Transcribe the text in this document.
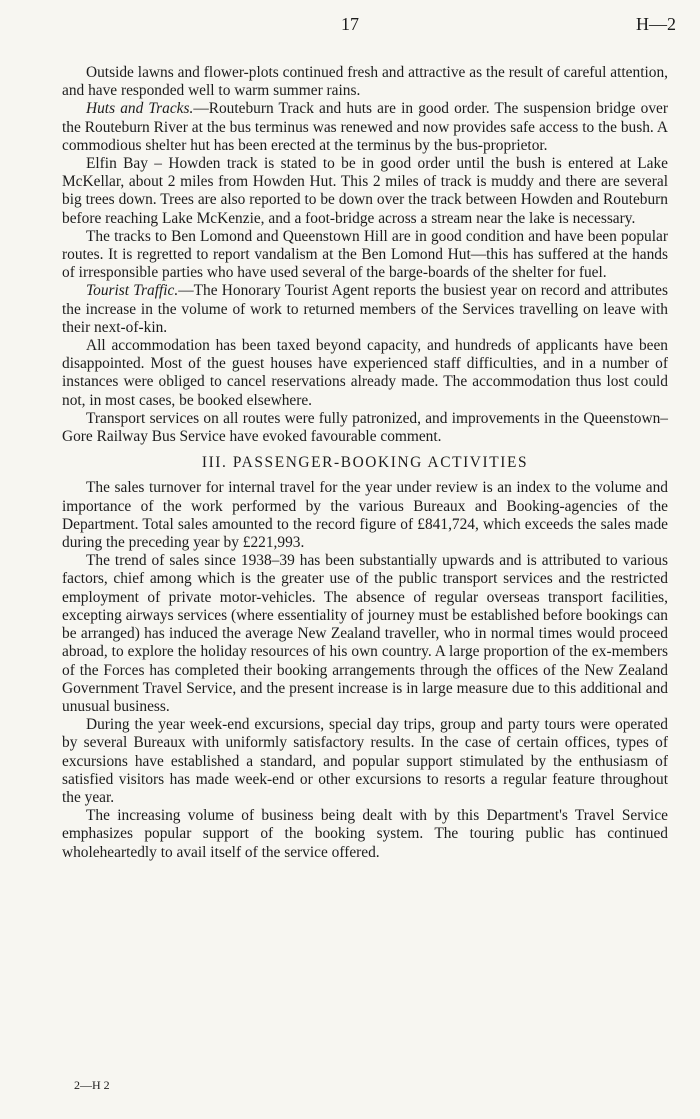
17	H—2

Outside lawns and flower-plots continued fresh and attractive as the result of careful attention, and have responded well to warm summer rains.

Huts and Tracks.—Routeburn Track and huts are in good order. The suspension bridge over the Routeburn River at the bus terminus was renewed and now provides safe access to the bush. A commodious shelter hut has been erected at the terminus by the bus-proprietor.

Elfin Bay – Howden track is stated to be in good order until the bush is entered at Lake McKellar, about 2 miles from Howden Hut. This 2 miles of track is muddy and there are several big trees down. Trees are also reported to be down over the track between Howden and Routeburn before reaching Lake McKenzie, and a foot-bridge across a stream near the lake is necessary.

The tracks to Ben Lomond and Queenstown Hill are in good condition and have been popular routes. It is regretted to report vandalism at the Ben Lomond Hut—this has suffered at the hands of irresponsible parties who have used several of the barge-boards of the shelter for fuel.

Tourist Traffic.—The Honorary Tourist Agent reports the busiest year on record and attributes the increase in the volume of work to returned members of the Services travelling on leave with their next-of-kin.

All accommodation has been taxed beyond capacity, and hundreds of applicants have been disappointed. Most of the guest houses have experienced staff difficulties, and in a number of instances were obliged to cancel reservations already made. The accommodation thus lost could not, in most cases, be booked elsewhere.

Transport services on all routes were fully patronized, and improvements in the Queenstown–Gore Railway Bus Service have evoked favourable comment.

III. PASSENGER-BOOKING ACTIVITIES

The sales turnover for internal travel for the year under review is an index to the volume and importance of the work performed by the various Bureaux and Booking-agencies of the Department. Total sales amounted to the record figure of £841,724, which exceeds the sales made during the preceding year by £221,993.

The trend of sales since 1938–39 has been substantially upwards and is attributed to various factors, chief among which is the greater use of the public transport services and the restricted employment of private motor-vehicles. The absence of regular overseas transport facilities, excepting airways services (where essentiality of journey must be established before bookings can be arranged) has induced the average New Zealand traveller, who in normal times would proceed abroad, to explore the holiday resources of his own country. A large proportion of the ex-members of the Forces has completed their booking arrangements through the offices of the New Zealand Government Travel Service, and the present increase is in large measure due to this additional and unusual business.

During the year week-end excursions, special day trips, group and party tours were operated by several Bureaux with uniformly satisfactory results. In the case of certain offices, types of excursions have established a standard, and popular support stimulated by the enthusiasm of satisfied visitors has made week-end or other excursions to resorts a regular feature throughout the year.

The increasing volume of business being dealt with by this Department's Travel Service emphasizes popular support of the booking system. The touring public has continued wholeheartedly to avail itself of the service offered.

2—H 2
